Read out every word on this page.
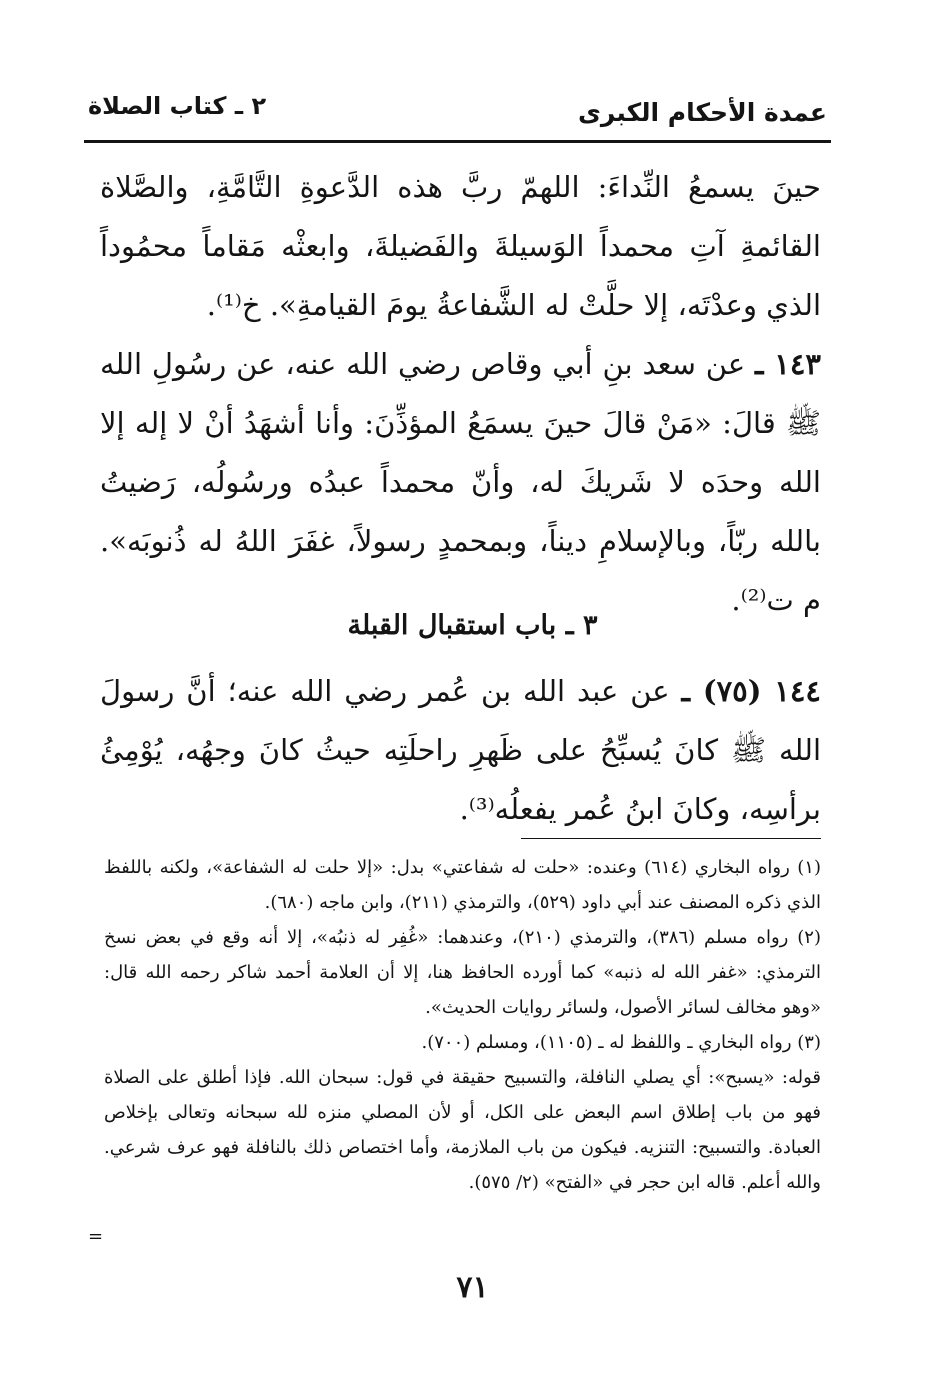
عمدة الأحكام الكبرى
٢ ـ كتاب الصلاة

حينَ يسمعُ النِّداءَ: اللهمّ ربَّ هذه الدَّعوةِ التَّامَّةِ، والصَّلاة القائمةِ آتِ محمداً الوَسيلةَ والفَضيلةَ، وابعثْه مَقاماً محمُوداً الذي وعدْتَه، إلا حلَّتْ له الشَّفاعةُ يومَ القيامةِ». خ⁽¹⁾.

١٤٣ ـ عن سعد بنِ أبي وقاص رضي الله عنه، عن رسُولِ الله ﷺ قالَ: «مَنْ قالَ حينَ يسمَعُ المؤذِّنَ: وأنا أشهَدُ أنْ لا إله إلا الله وحدَه لا شَريكَ له، وأنّ محمداً عبدُه ورسُولُه، رَضيتُ بالله ربّاً، وبالإسلامِ ديناً، وبمحمدٍ رسولاً، غفَرَ اللهُ له ذُنوبَه». م ت⁽²⁾.

٣ ـ باب استقبال القبلة

١٤٤ (٧٥) ـ عن عبد الله بن عُمر رضي الله عنه؛ أنَّ رسولَ الله ﷺ كانَ يُسبِّحُ على ظَهرِ راحلَتِه حيثُ كانَ وجهُه، يُوْمِئُ برأسِه، وكانَ ابنُ عُمر يفعلُه⁽³⁾.

(١) رواه البخاري (٦١٤) وعنده: «حلت له شفاعتي» بدل: «إلا حلت له الشفاعة»، ولكنه باللفظ الذي ذكره المصنف عند أبي داود (٥٢٩)، والترمذي (٢١١)، وابن ماجه (٦٨٠).

(٢) رواه مسلم (٣٨٦)، والترمذي (٢١٠)، وعندهما: «غُفِر له ذنبُه»، إلا أنه وقع في بعض نسخ الترمذي: «غفر الله له ذنبه» كما أورده الحافظ هنا، إلا أن العلامة أحمد شاكر رحمه الله قال: «وهو مخالف لسائر الأصول، ولسائر روايات الحديث».

(٣) رواه البخاري ـ واللفظ له ـ (١١٠٥)، ومسلم (٧٠٠).

قوله: «يسبح»: أي يصلي النافلة، والتسبيح حقيقة في قول: سبحان الله. فإذا أطلق على الصلاة فهو من باب إطلاق اسم البعض على الكل، أو لأن المصلي منزه لله سبحانه وتعالى بإخلاص العبادة. والتسبيح: التنزيه. فيكون من باب الملازمة، وأما اختصاص ذلك بالنافلة فهو عرف شرعي. والله أعلم. قاله ابن حجر في «الفتح» (٢/ ٥٧٥).

=
٧١
